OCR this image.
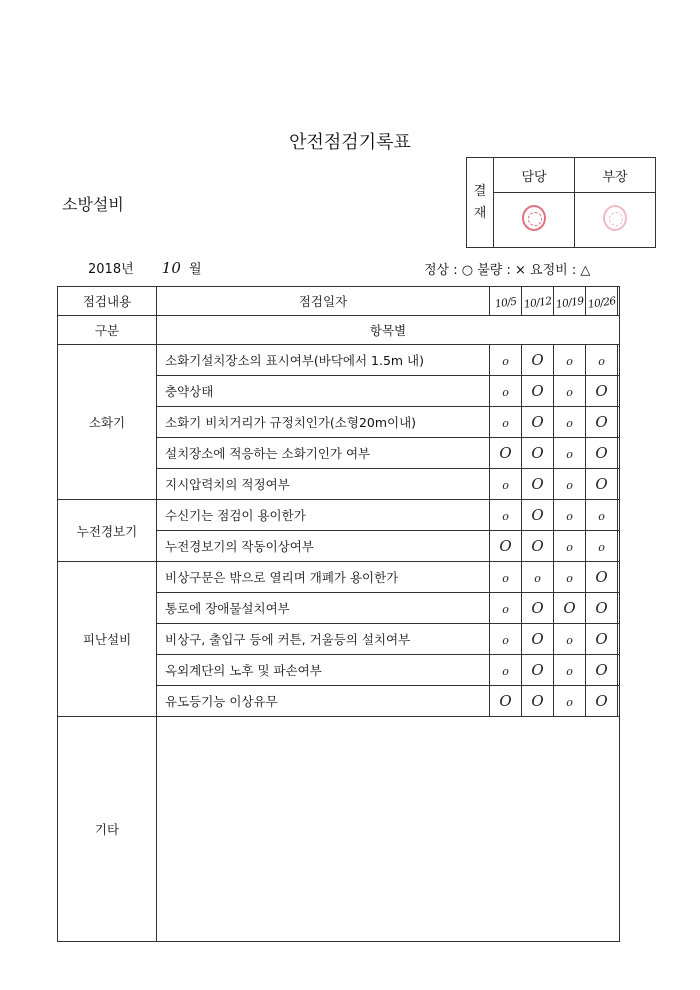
안전점검기록표
소방설비
결
재	담당	부장

2018년 10 월	정상 : ○ 불량 : × 요정비 : △
점검내용	점검일자	10/5	10/12	10/19	10/26	
구분	항목별					
소화기	소화기설치장소의 표시여부(바닥에서 1.5m 내)	o	O	o	o	
	충약상태	o	O	o	O	
	소화기 비치거리가 규정치인가(소형20m이내)	o	O	o	O	
	설치장소에 적응하는 소화기인가 여부	O	O	o	O	
	지시압력치의 적정여부	o	O	o	O	
누전경보기	수신기는 점검이 용이한가	o	O	o	o	
	누전경보기의 작동이상여부	O	O	o	o	
피난설비	비상구문은 밖으로 열리며 개폐가 용이한가	o	o	o	O	
	통로에 장애물설치여부	o	O	O	O	
	비상구, 출입구 등에 커튼, 거울등의 설치여부	o	O	o	O	
	옥외계단의 노후 및 파손여부	o	O	o	O	
	유도등기능 이상유무	O	O	o	O	
기타						
